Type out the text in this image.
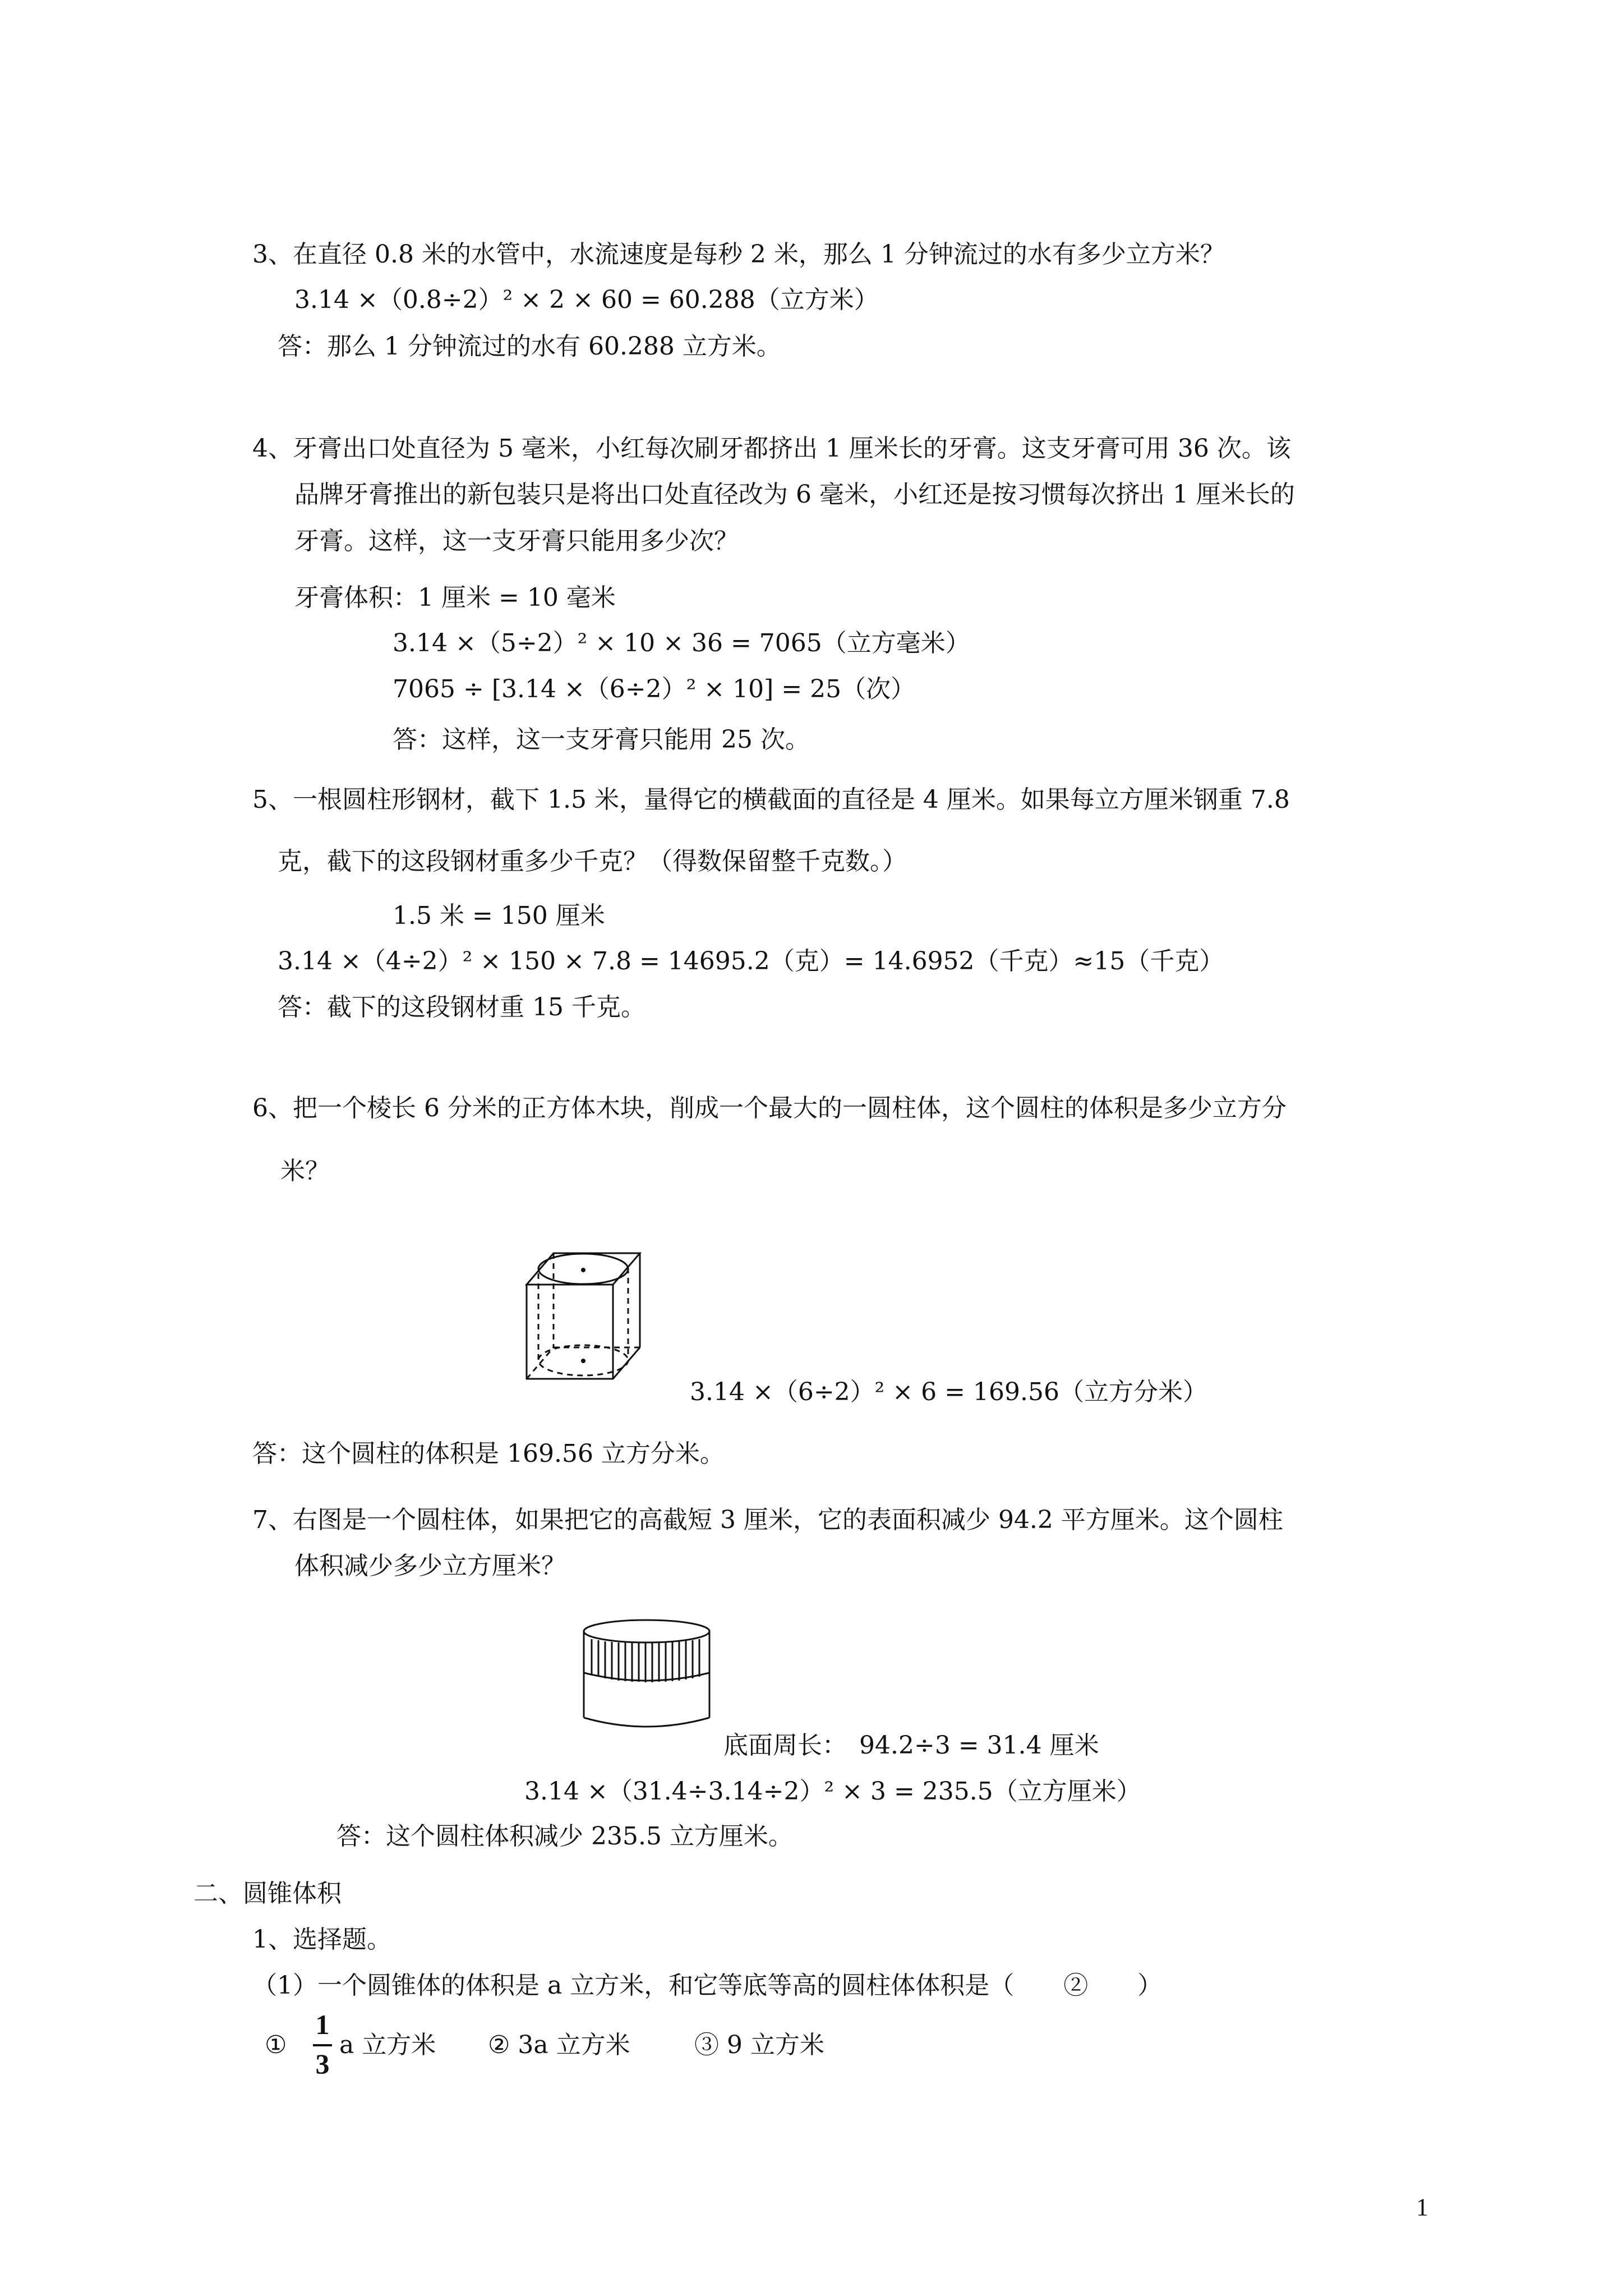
3、在直径 0.8 米的水管中，水流速度是每秒 2 米，那么 1 分钟流过的水有多少立方米？
3.14 ×（0.8÷2）² × 2 × 60 = 60.288（立方米）
答：那么 1 分钟流过的水有 60.288 立方米。
4、牙膏出口处直径为 5 毫米，小红每次刷牙都挤出 1 厘米长的牙膏。这支牙膏可用 36 次。该
品牌牙膏推出的新包装只是将出口处直径改为 6 毫米，小红还是按习惯每次挤出 1 厘米长的
牙膏。这样，这一支牙膏只能用多少次？
牙膏体积：1 厘米 = 10 毫米
3.14 ×（5÷2）² × 10 × 36 = 7065（立方毫米）
7065 ÷ [3.14 ×（6÷2）² × 10] = 25（次）
答：这样，这一支牙膏只能用 25 次。
5、一根圆柱形钢材，截下 1.5 米，量得它的横截面的直径是 4 厘米。如果每立方厘米钢重 7.8
克，截下的这段钢材重多少千克？（得数保留整千克数。）
1.5 米 = 150 厘米
3.14 ×（4÷2）² × 150 × 7.8 = 14695.2（克）= 14.6952（千克）≈15（千克）
答：截下的这段钢材重 15 千克。
6、把一个棱长 6 分米的正方体木块，削成一个最大的一圆柱体，这个圆柱的体积是多少立方分
米？
3.14 ×（6÷2）² × 6 = 169.56（立方分米）
答：这个圆柱的体积是 169.56 立方分米。
7、右图是一个圆柱体，如果把它的高截短 3 厘米，它的表面积减少 94.2 平方厘米。这个圆柱
体积减少多少立方厘米？
底面周长：　94.2÷3 = 31.4 厘米
3.14 ×（31.4÷3.14÷2）² × 3 = 235.5（立方厘米）
答：这个圆柱体积减少 235.5 立方厘米。
二、圆锥体积
1、选择题。
（1）一个圆锥体的体积是 a 立方米，和它等底等高的圆柱体体积是（　　②　　）
①
1
3
a 立方米 ② 3a 立方米	③ 9 立方米
1
